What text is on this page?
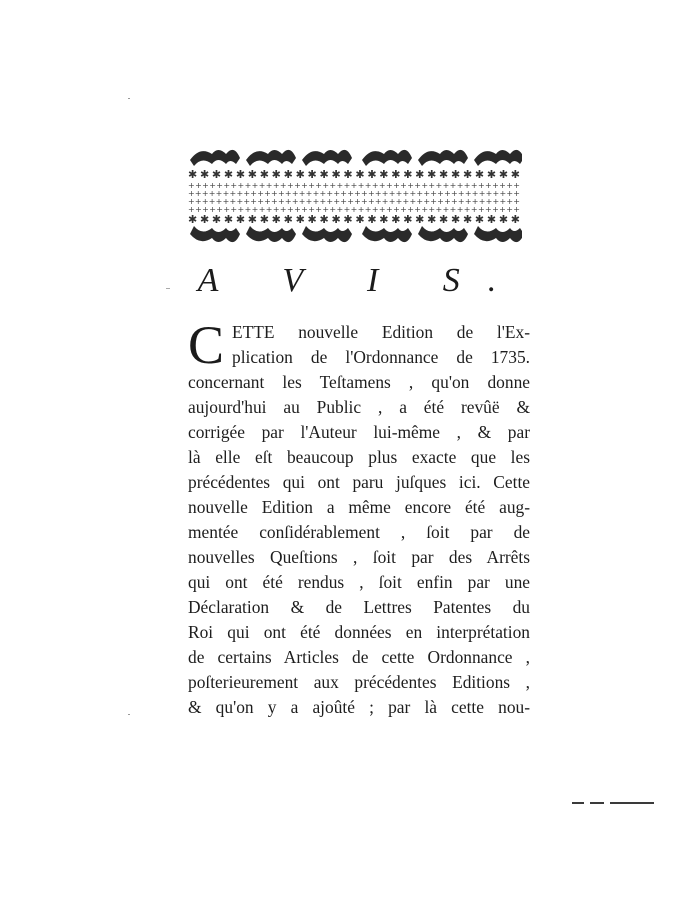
✱✱✱✱✱✱✱✱✱✱✱✱✱✱✱✱✱✱✱✱✱✱✱✱✱✱✱✱
+++++++++++++++++++++++++++++++++++++++++++++++
++++++++++++++++++++++++++++++++++++++++++++++++
++++++++++++++++++++++++++++++++++++++++++++++++
+++++++++++++++++++++++++++++++++++++++++++++++
✱✱✱✱✱✱✱✱✱✱✱✱✱✱✱✱✱✱✱✱✱✱✱✱✱✱✱✱
A V I S.
C ETTE nouvelle Edition de l'Ex-
plication de l'Ordonnance de 1735.
concernant les Teſtamens , qu'on donne
aujourd'hui au Public , a été revûë &
corrigée par l'Auteur lui-même , & par
là elle eſt beaucoup plus exacte que les
précédentes qui ont paru juſques ici. Cette
nouvelle Edition a même encore été aug-
mentée conſidérablement , ſoit par de
nouvelles Queſtions , ſoit par des Arrêts
qui ont été rendus , ſoit enfin par une
Déclaration & de Lettres Patentes du
Roi qui ont été données en interprétation
de certains Articles de cette Ordonnance ,
poſterieurement aux précédentes Editions ,
& qu'on y a ajoûté ; par là cette nou-
